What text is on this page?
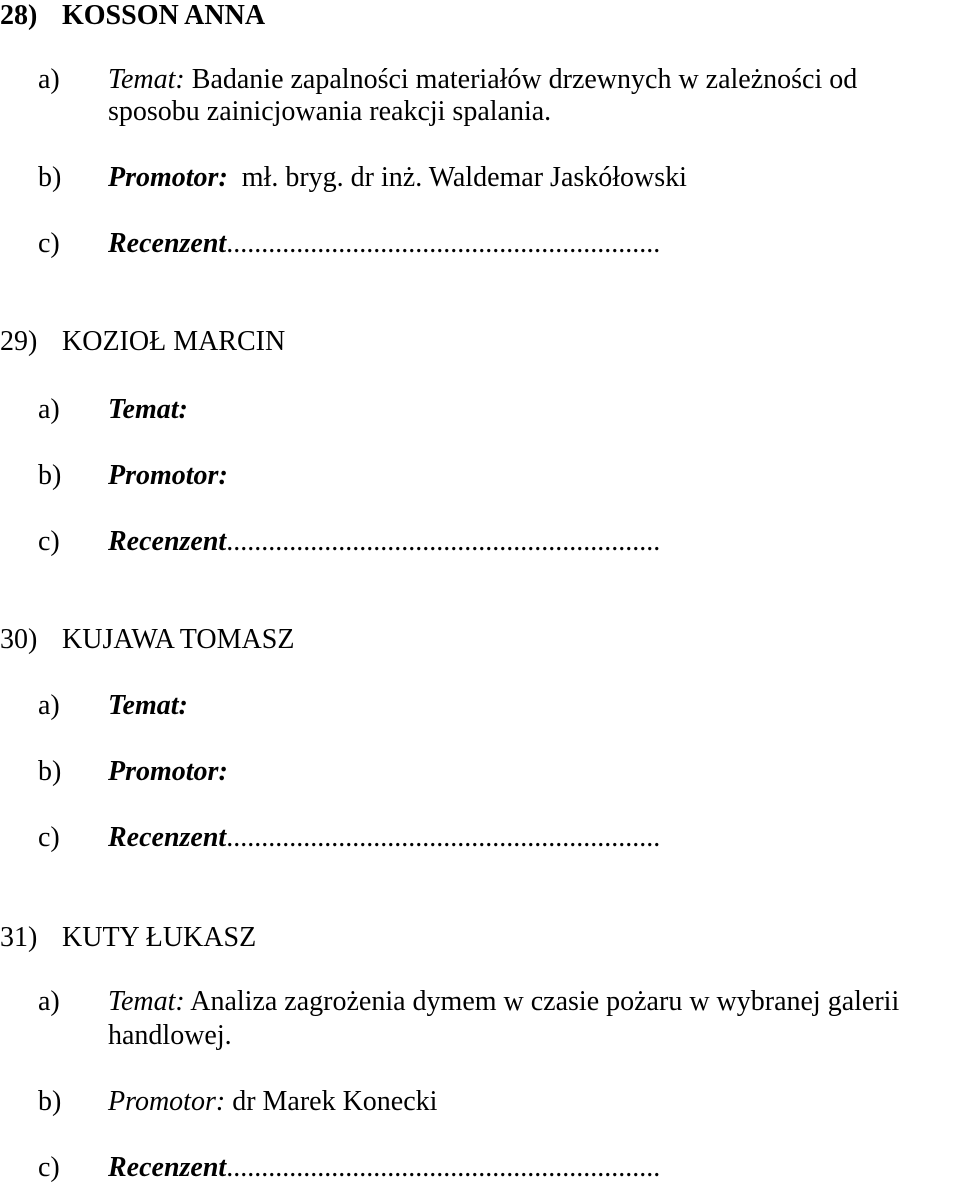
28) KOSSON ANNA
a) Temat: Badanie zapalności materiałów drzewnych w zależności od
sposobu zainicjowania reakcji spalania.
b) Promotor: mł. bryg. dr inż. Waldemar Jaskółowski
c) Recenzent..............................................................
29) KOZIOŁ MARCIN
a) Temat:
b) Promotor:
c) Recenzent..............................................................
30) KUJAWA TOMASZ
a) Temat:
b) Promotor:
c) Recenzent..............................................................
31) KUTY ŁUKASZ
a) Temat: Analiza zagrożenia dymem w czasie pożaru w wybranej galerii
handlowej.
b) Promotor: dr Marek Konecki
c) Recenzent..............................................................
